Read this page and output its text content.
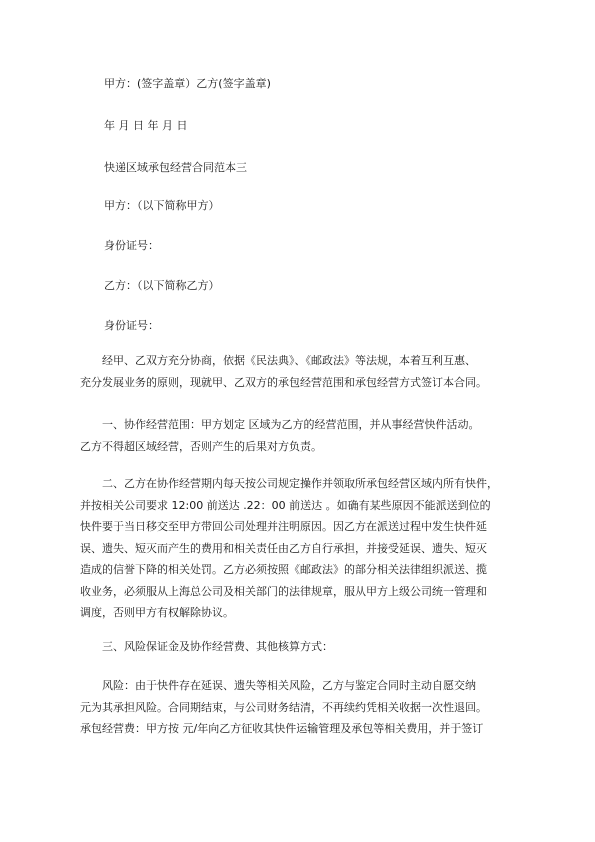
甲方：(签字盖章）乙方(签字盖章)
年 月 日 年 月 日
快递区域承包经营合同范本三
甲方：（以下简称甲方）
身份证号：
乙方：（以下简称乙方）
身份证号：

经甲、乙双方充分协商，依据《民法典》、《邮政法》等法规，本着互利互惠、

充分发展业务的原则，现就甲、乙双方的承包经营范围和承包经营方式签订本合同。

一、协作经营范围：甲方划定 区域为乙方的经营范围，并从事经营快件活动。

乙方不得超区域经营，否则产生的后果对方负责。

二、乙方在协作经营期内每天按公司规定操作并领取所承包经营区域内所有快件，

并按相关公司要求 12:00 前送达 .22：00 前送达 。如确有某些原因不能派送到位的

快件要于当日移交至甲方带回公司处理并注明原因。因乙方在派送过程中发生快件延

误、遗失、短灭而产生的费用和相关责任由乙方自行承担，并接受延误、遗失、短灭

造成的信誉下降的相关处罚。乙方必须按照《邮政法》的部分相关法律组织派送、揽

收业务，必须服从上海总公司及相关部门的法律规章，服从甲方上级公司统一管理和

调度，否则甲方有权解除协议。

三、风险保证金及协作经营费、其他核算方式：

风险：由于快件存在延误、遗失等相关风险，乙方与鉴定合同时主动自愿交纳

元为其承担风险。合同期结束，与公司财务结清，不再续约凭相关收据一次性退回。

承包经营费：甲方按 元/年向乙方征收其快件运输管理及承包等相关费用，并于签订
